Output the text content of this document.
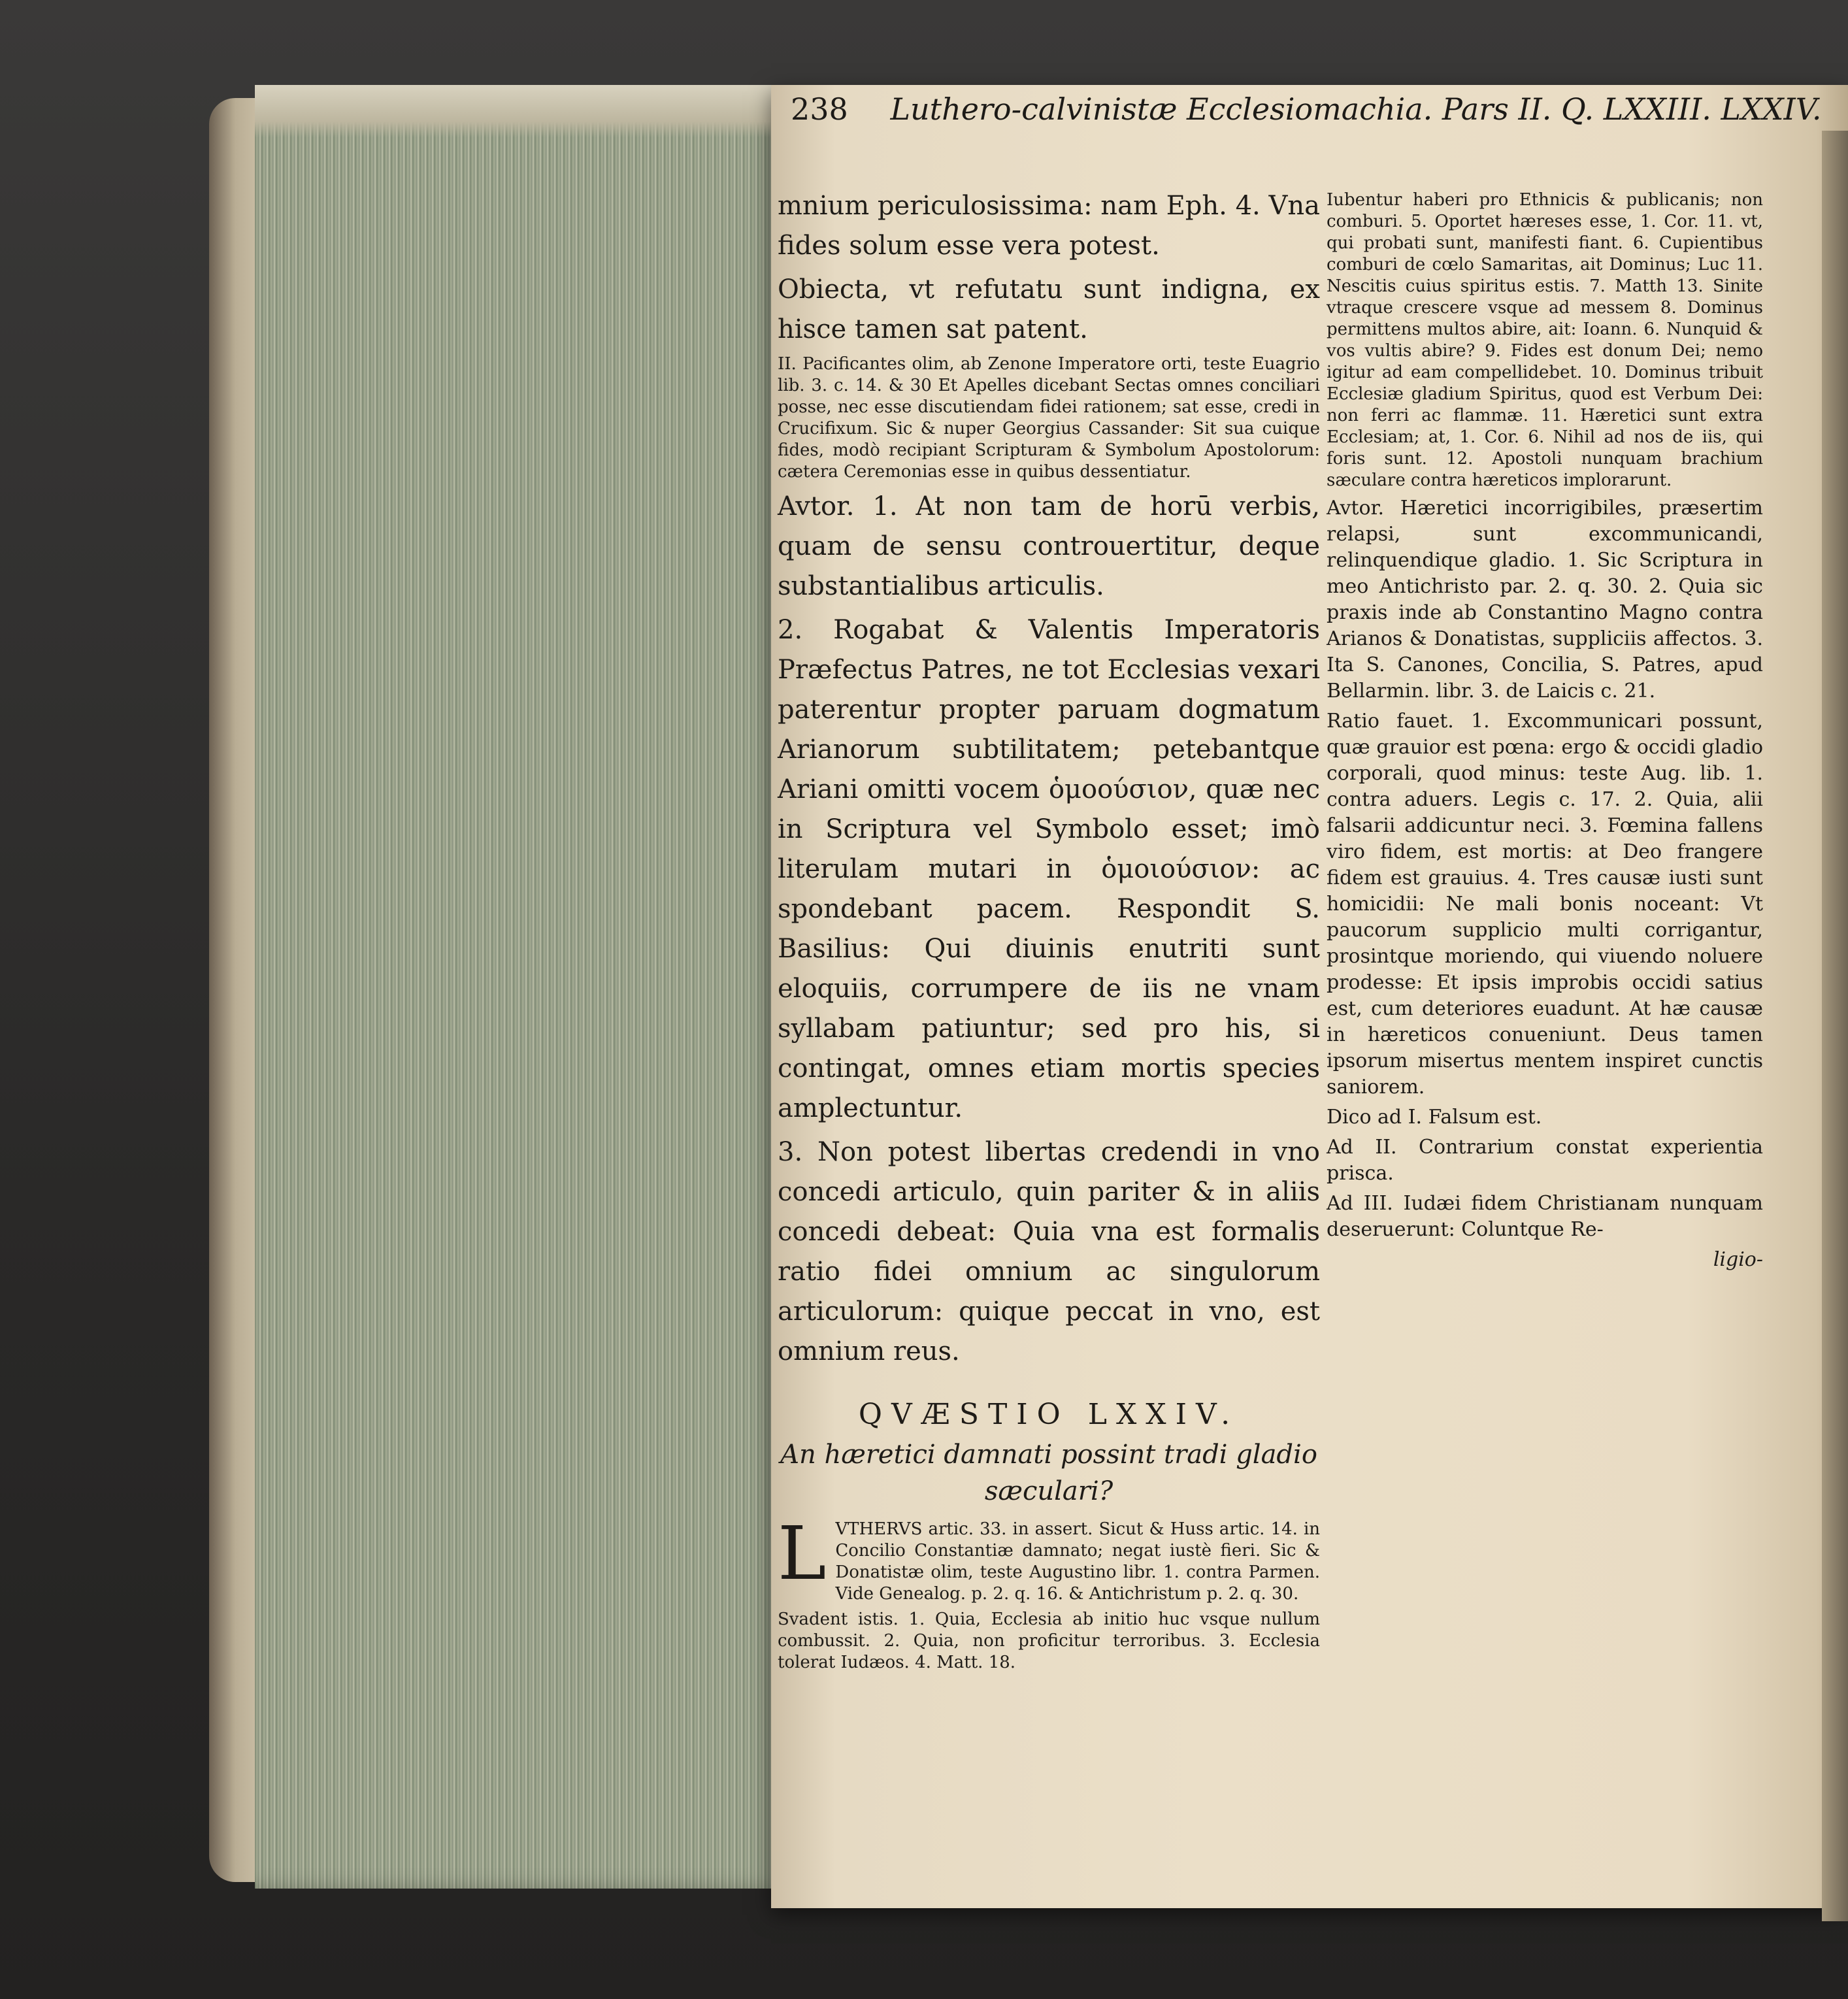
238 Luthero-calvinistæ Ecclesiomachia. Pars II. Q. LXXIII. LXXIV.

mnium periculosissima: nam Eph. 4. Vna fides solum esse vera potest.

Obiecta, vt refutatu sunt indigna, ex hisce tamen sat patent.

II. Pacificantes olim, ab Zenone Imperatore orti, teste Euagrio lib. 3. c. 14. & 30 Et Apelles dicebant Sectas omnes conciliari posse, nec esse discutiendam fidei rationem; sat esse, credi in Crucifixum. Sic & nuper Georgius Cassander: Sit sua cuique fides, modò recipiant Scripturam & Symbolum Apostolorum: cætera Ceremonias esse in quibus dessentiatur.

Avtor. 1. At non tam de horū verbis, quam de sensu controuertitur, deque substantialibus articulis.

2. Rogabat & Valentis Imperatoris Præfectus Patres, ne tot Ecclesias vexari paterentur propter paruam dogmatum Arianorum subtilitatem; petebantque Ariani omitti vocem ὁμοούσιον, quæ nec in Scriptura vel Symbolo esset; imò literulam mutari in ὁμοιούσιον: ac spondebant pacem. Respondit S. Basilius: Qui diuinis enutriti sunt eloquiis, corrumpere de iis ne vnam syllabam patiuntur; sed pro his, si contingat, omnes etiam mortis species amplectuntur.

3. Non potest libertas credendi in vno concedi articulo, quin pariter & in aliis concedi debeat: Quia vna est formalis ratio fidei omnium ac singulorum articulorum: quique peccat in vno, est omnium reus.

QVÆSTIO LXXIV.
An hæretici damnati possint tradi gladio sæculari?

LVTHERVS artic. 33. in assert. Sicut & Huss artic. 14. in Concilio Constantiæ damnato; negat iustè fieri. Sic & Donatistæ olim, teste Augustino libr. 1. contra Parmen. Vide Genealog. p. 2. q. 16. & Antichristum p. 2. q. 30.

Svadent istis. 1. Quia, Ecclesia ab initio huc vsque nullum combussit. 2. Quia, non proficitur terroribus. 3. Ecclesia tolerat Iudæos. 4. Matt. 18.

Iubentur haberi pro Ethnicis & publicanis; non comburi. 5. Oportet hæreses esse, 1. Cor. 11. vt, qui probati sunt, manifesti fiant. 6. Cupientibus comburi de cœlo Samaritas, ait Dominus; Luc 11. Nescitis cuius spiritus estis. 7. Matth 13. Sinite vtraque crescere vsque ad messem 8. Dominus permittens multos abire, ait: Ioann. 6. Nunquid & vos vultis abire? 9. Fides est donum Dei; nemo igitur ad eam compellidebet. 10. Dominus tribuit Ecclesiæ gladium Spiritus, quod est Verbum Dei: non ferri ac flammæ. 11. Hæretici sunt extra Ecclesiam; at, 1. Cor. 6. Nihil ad nos de iis, qui foris sunt. 12. Apostoli nunquam brachium sæculare contra hæreticos implorarunt.

Avtor. Hæretici incorrigibiles, præsertim relapsi, sunt excommunicandi, relinquendique gladio. 1. Sic Scriptura in meo Antichristo par. 2. q. 30. 2. Quia sic praxis inde ab Constantino Magno contra Arianos & Donatistas, suppliciis affectos. 3. Ita S. Canones, Concilia, S. Patres, apud Bellarmin. libr. 3. de Laicis c. 21.

Ratio fauet. 1. Excommunicari possunt, quæ grauior est pœna: ergo & occidi gladio corporali, quod minus: teste Aug. lib. 1. contra aduers. Legis c. 17. 2. Quia, alii falsarii addicuntur neci. 3. Fœmina fallens viro fidem, est mortis: at Deo frangere fidem est grauius. 4. Tres causæ iusti sunt homicidii: Ne mali bonis noceant: Vt paucorum supplicio multi corrigantur, prosintque moriendo, qui viuendo noluere prodesse: Et ipsis improbis occidi satius est, cum deteriores euadunt. At hæ causæ in hæreticos conueniunt. Deus tamen ipsorum misertus mentem inspiret cunctis saniorem.

Dico ad I. Falsum est.

Ad II. Contrarium constat experientia prisca.

Ad III. Iudæi fidem Christianam nunquam deseruerunt: Coluntque Re-

ligio-
